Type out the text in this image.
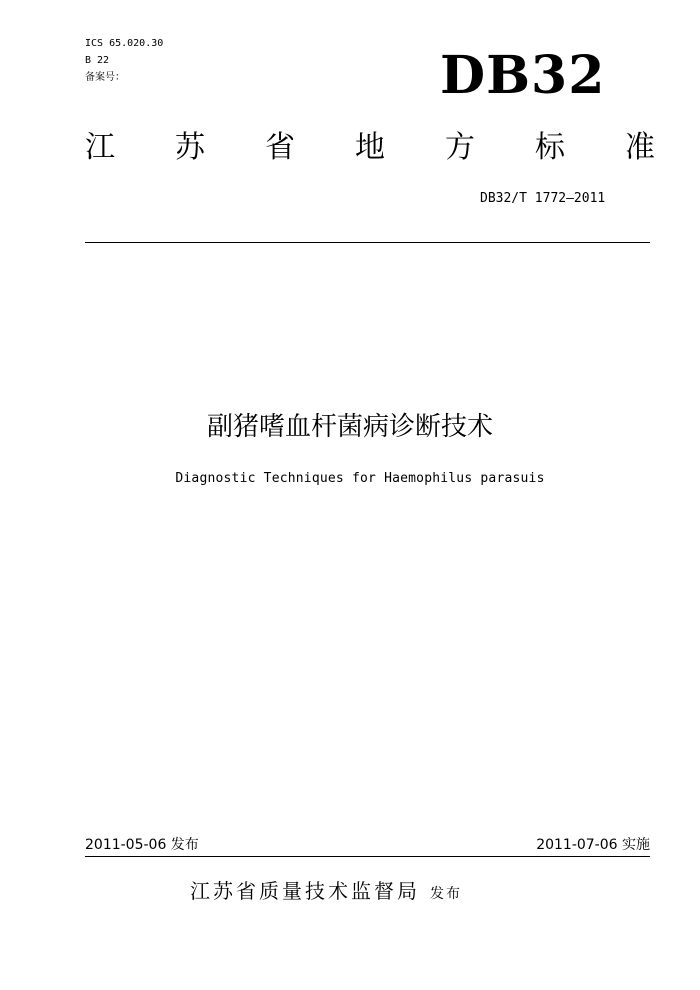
ICS 65.020.30
B 22
备案号：	DB32
江 苏 省 地 方 标 准
DB32/T 1772—2011
副猪嗜血杆菌病诊断技术
Diagnostic Techniques for Haemophilus parasuis
2011-05-06 发布	2011-07-06 实施
江苏省质量技术监督局 发布
